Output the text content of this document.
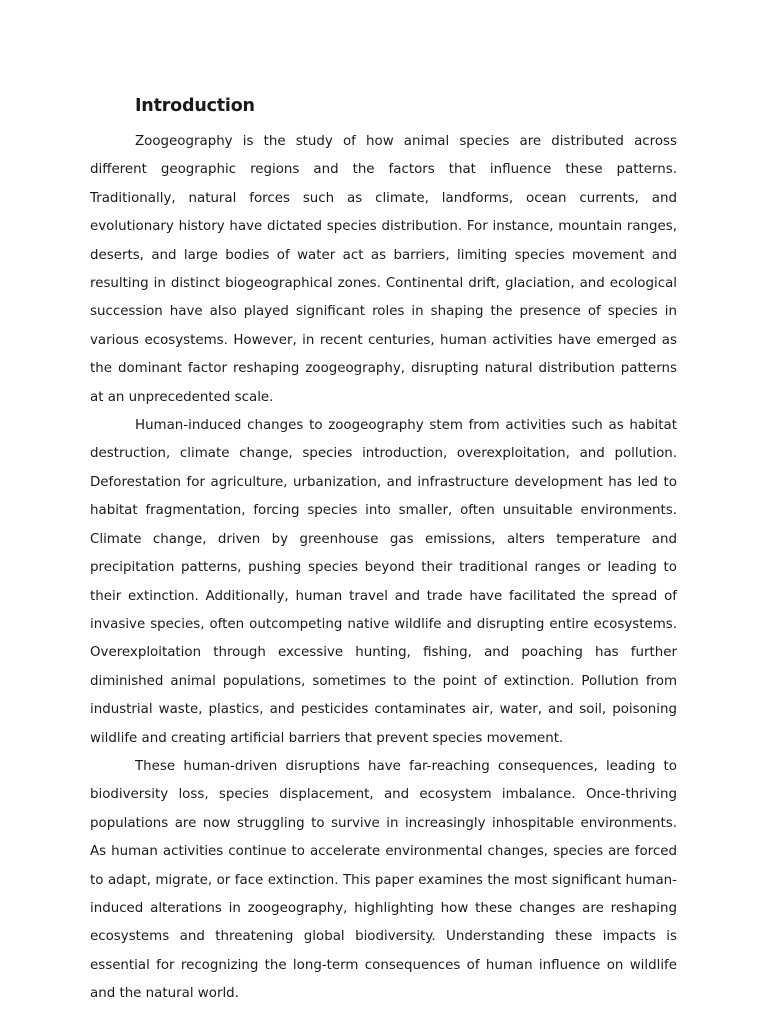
Introduction

Zoogeography is the study of how animal species are distributed across different geographic regions and the factors that influence these patterns. Traditionally, natural forces such as climate, landforms, ocean currents, and evolutionary history have dictated species distribution. For instance, mountain ranges, deserts, and large bodies of water act as barriers, limiting species movement and resulting in distinct biogeographical zones. Continental drift, glaciation, and ecological succession have also played significant roles in shaping the presence of species in various ecosystems. However, in recent centuries, human activities have emerged as the dominant factor reshaping zoogeography, disrupting natural distribution patterns at an unprecedented scale.

Human-induced changes to zoogeography stem from activities such as habitat destruction, climate change, species introduction, overexploitation, and pollution. Deforestation for agriculture, urbanization, and infrastructure development has led to habitat fragmentation, forcing species into smaller, often unsuitable environments. Climate change, driven by greenhouse gas emissions, alters temperature and precipitation patterns, pushing species beyond their traditional ranges or leading to their extinction. Additionally, human travel and trade have facilitated the spread of invasive species, often outcompeting native wildlife and disrupting entire ecosystems. Overexploitation through excessive hunting, fishing, and poaching has further diminished animal populations, sometimes to the point of extinction. Pollution from industrial waste, plastics, and pesticides contaminates air, water, and soil, poisoning wildlife and creating artificial barriers that prevent species movement.

These human-driven disruptions have far-reaching consequences, leading to biodiversity loss, species displacement, and ecosystem imbalance. Once-thriving populations are now struggling to survive in increasingly inhospitable environments. As human activities continue to accelerate environmental changes, species are forced to adapt, migrate, or face extinction. This paper examines the most significant human-induced alterations in zoogeography, highlighting how these changes are reshaping ecosystems and threatening global biodiversity. Understanding these impacts is essential for recognizing the long-term consequences of human influence on wildlife and the natural world.
